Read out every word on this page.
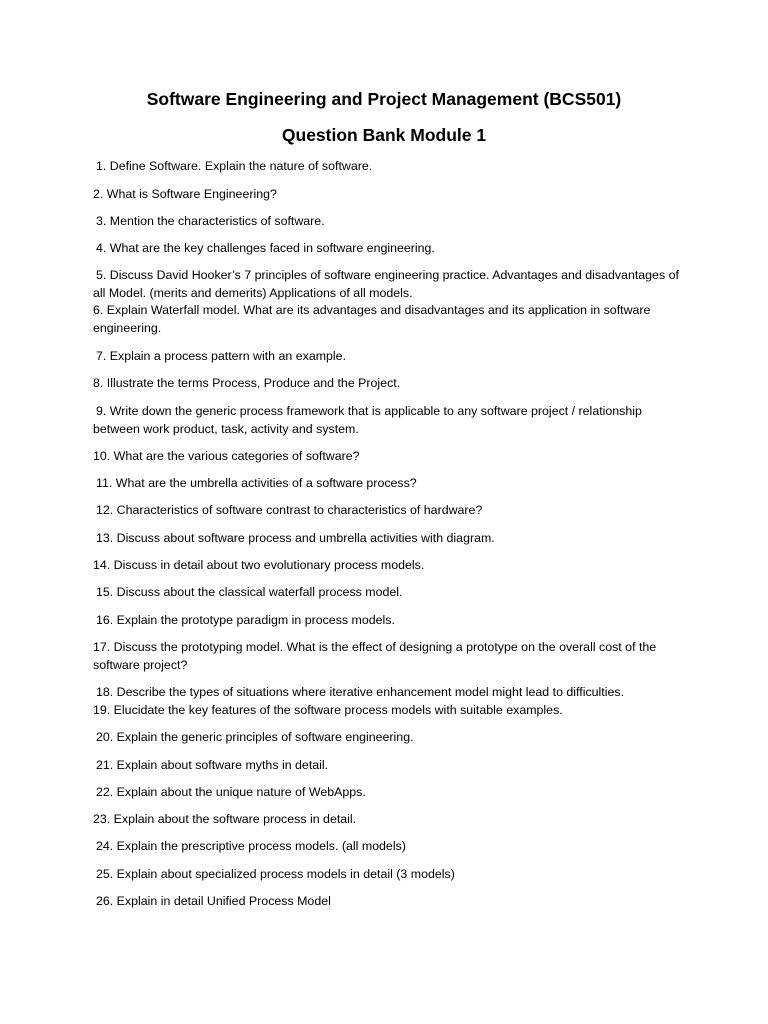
Software Engineering and Project Management (BCS501)
Question Bank Module 1

1. Define Software. Explain the nature of software.

2. What is Software Engineering?

3. Mention the characteristics of software.

4. What are the key challenges faced in software engineering.

5. Discuss David Hooker’s 7 principles of software engineering practice. Advantages and disadvantages of all Model. (merits and demerits) Applications of all models.

6. Explain Waterfall model. What are its advantages and disadvantages and its application in software engineering.

7. Explain a process pattern with an example.

8. Illustrate the terms Process, Produce and the Project.

9. Write down the generic process framework that is applicable to any software project / relationship between work product, task, activity and system.

10. What are the various categories of software?

11. What are the umbrella activities of a software process?

12. Characteristics of software contrast to characteristics of hardware?

13. Discuss about software process and umbrella activities with diagram.

14. Discuss in detail about two evolutionary process models.

15. Discuss about the classical waterfall process model.

16. Explain the prototype paradigm in process models.

17. Discuss the prototyping model. What is the effect of designing a prototype on the overall cost of the software project?

18. Describe the types of situations where iterative enhancement model might lead to difficulties.

19. Elucidate the key features of the software process models with suitable examples.

20. Explain the generic principles of software engineering.

21. Explain about software myths in detail.

22. Explain about the unique nature of WebApps.

23. Explain about the software process in detail.

24. Explain the prescriptive process models. (all models)

25. Explain about specialized process models in detail (3 models)

26. Explain in detail Unified Process Model
